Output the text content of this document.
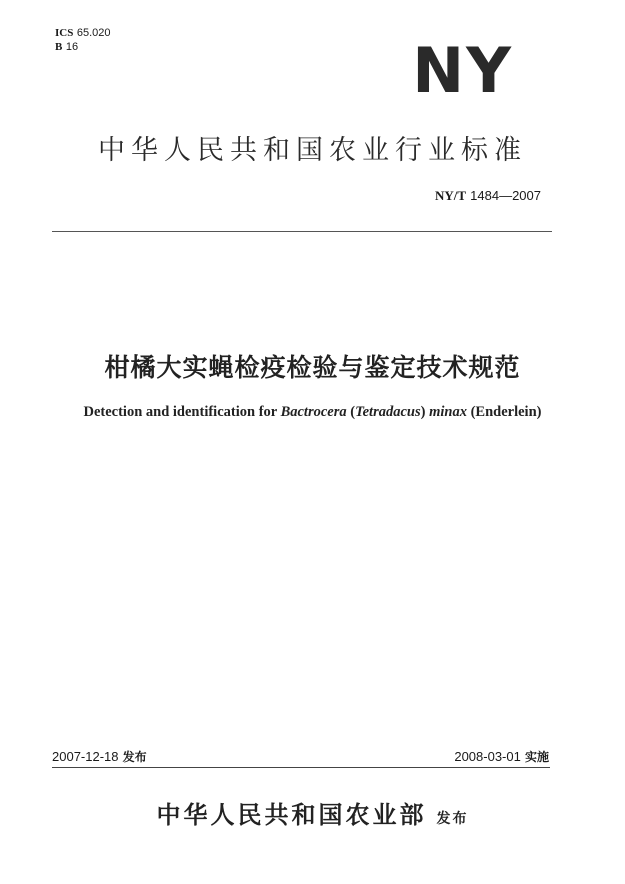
ICS 65.020
B 16	NY
中华人民共和国农业行业标准
NY/T 1484—2007
柑橘大实蝇检疫检验与鉴定技术规范
Detection and identification for Bactrocera (Tetradacus) minax (Enderlein)
2007-12-18 发布	2008-03-01 实施
中华人民共和国农业部 发布
